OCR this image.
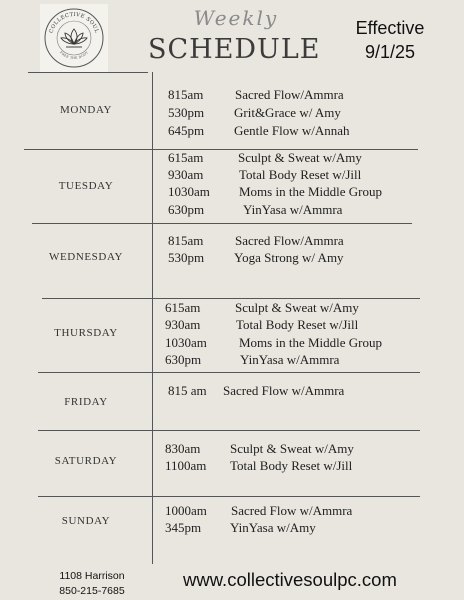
COLLECTIVE SOUL
FREE THE BODY
Weekly
SCHEDULE
Effective
9/1/25
MONDAY
815am Sacred Flow/Ammra
530pm Grit&Grace w/ Amy
645pm Gentle Flow w/Annah
TUESDAY
615am	Sculpt & Sweat w/Amy
930am	Total Body Reset w/Jill
1030am Moms in the Middle Group
630pm	YinYasa w/Ammra
WEDNESDAY
815am Sacred Flow/Ammra
530pm Yoga Strong w/ Amy
THURSDAY
615am	Sculpt & Sweat w/Amy
930am	Total Body Reset w/Jill
1030am Moms in the Middle Group
630pm	YinYasa w/Ammra
FRIDAY
815 am Sacred Flow w/Ammra
SATURDAY
830am Sculpt & Sweat w/Amy
1100am Total Body Reset w/Jill
SUNDAY
1000am Sacred Flow w/Ammra
345pm YinYasa w/Amy
1108 Harrison
850-215-7685
www.collectivesoulpc.com
